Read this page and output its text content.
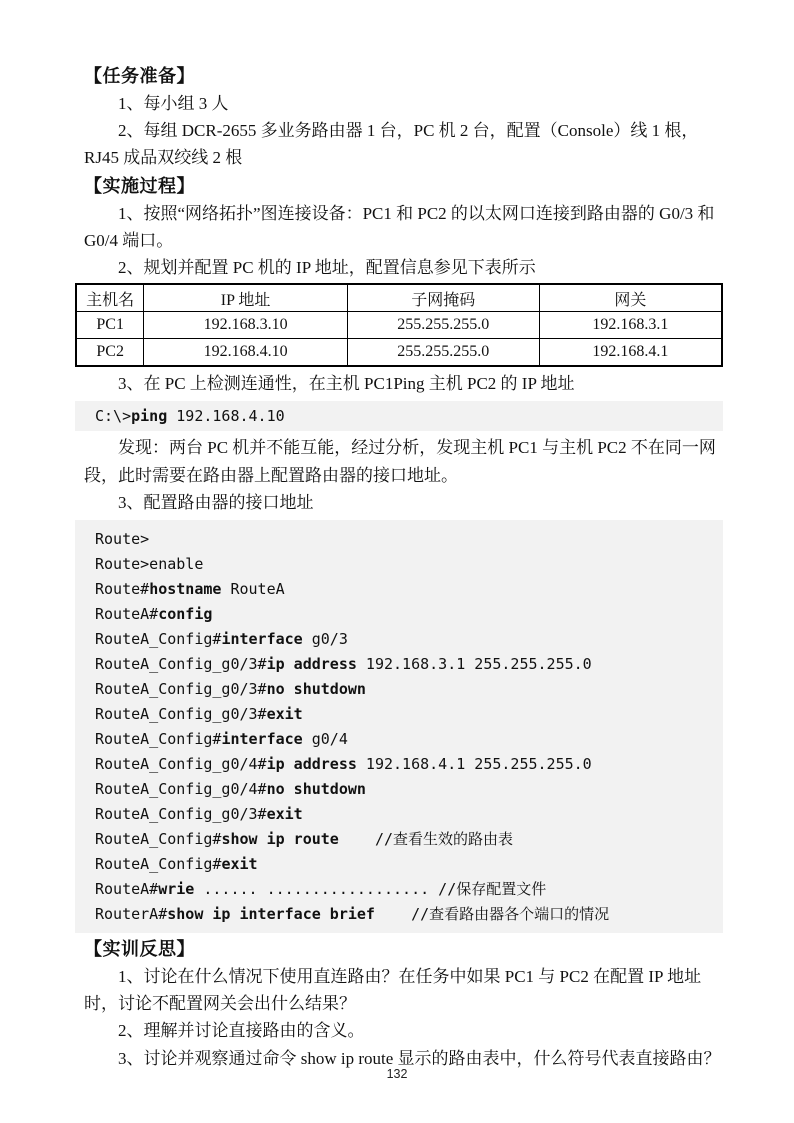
【任务准备】
1、每小组 3 人
2、每组 DCR-2655 多业务路由器 1 台，PC 机 2 台，配置（Console）线 1 根，RJ45 成品双绞线 2 根
【实施过程】
1、按照“网络拓扑”图连接设备：PC1 和 PC2 的以太网口连接到路由器的 G0/3 和 G0/4 端口。
2、规划并配置 PC 机的 IP 地址，配置信息参见下表所示
主机名	IP 地址	子网掩码	网关
PC1	192.168.3.10	255.255.255.0	192.168.3.1
PC2	192.168.4.10	255.255.255.0	192.168.4.1
3、在 PC 上检测连通性，在主机 PC1Ping 主机 PC2 的 IP 地址
C:\>ping 192.168.4.10
发现：两台 PC 机并不能互能，经过分析，发现主机 PC1 与主机 PC2 不在同一网段，此时需要在路由器上配置路由器的接口地址。
3、配置路由器的接口地址
Route>
Route>enable
Route#hostname RouteA
RouteA#config
RouteA_Config#interface g0/3
RouteA_Config_g0/3#ip address 192.168.3.1 255.255.255.0
RouteA_Config_g0/3#no shutdown
RouteA_Config_g0/3#exit
RouteA_Config#interface g0/4
RouteA_Config_g0/4#ip address 192.168.4.1 255.255.255.0
RouteA_Config_g0/4#no shutdown
RouteA_Config_g0/3#exit
RouteA_Config#show ip route    //查看生效的路由表
RouteA_Config#exit
RouteA#wrie ...... .................. //保存配置文件
RouterA#show ip interface brief    //查看路由器各个端口的情况
【实训反思】
1、讨论在什么情况下使用直连路由？在任务中如果 PC1 与 PC2 在配置 IP 地址时，讨论不配置网关会出什么结果？
2、理解并讨论直接路由的含义。
3、讨论并观察通过命令 show ip route 显示的路由表中，什么符号代表直接路由？
132
